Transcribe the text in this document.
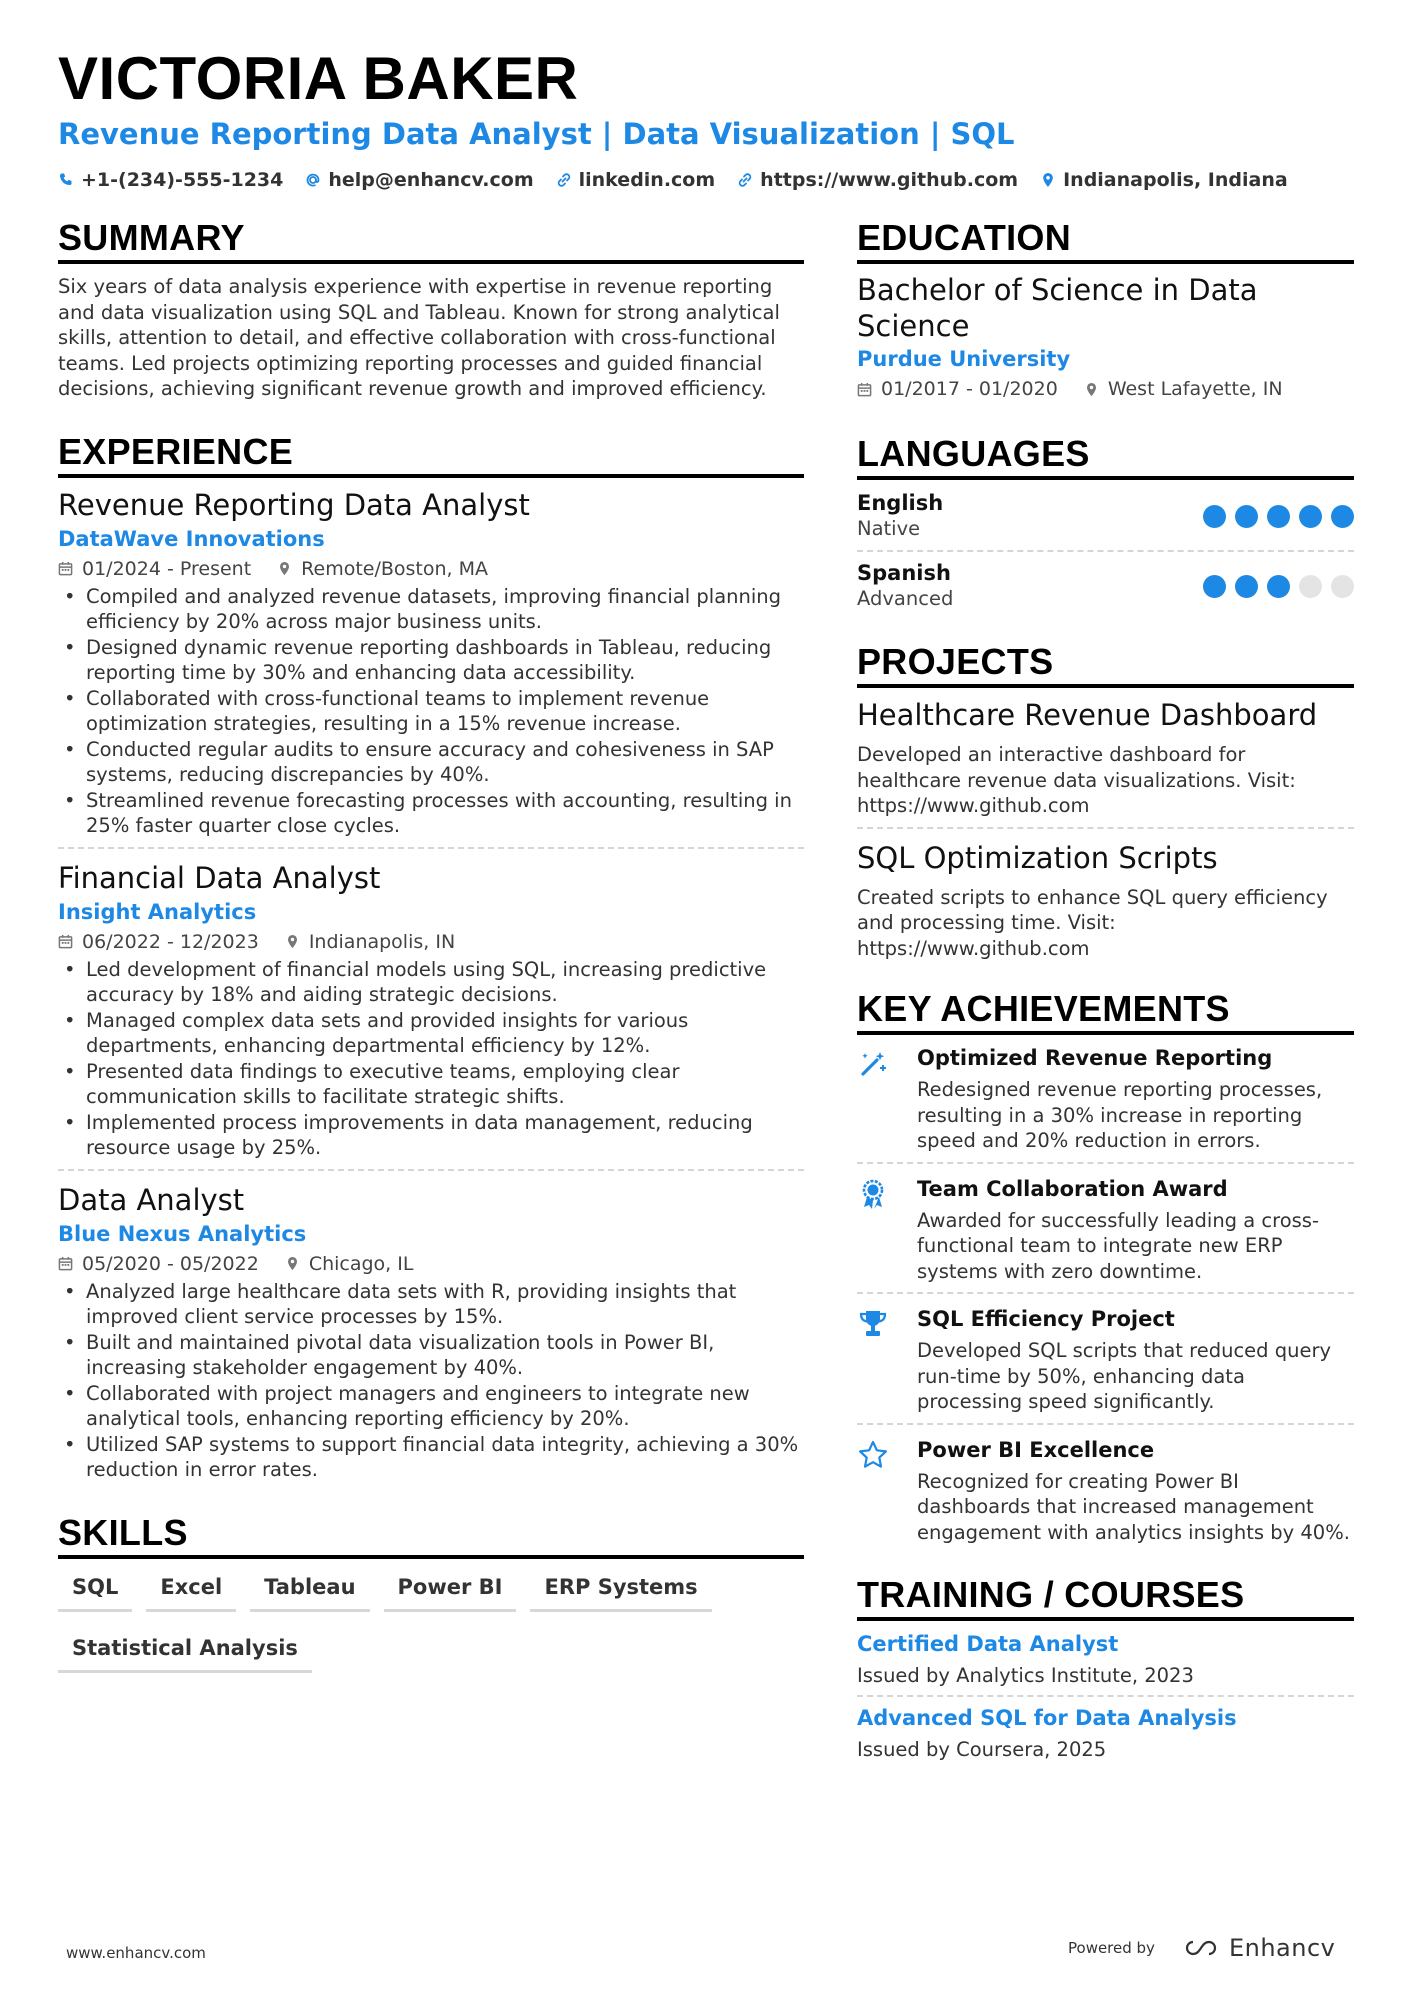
VICTORIA BAKER
Revenue Reporting Data Analyst | Data Visualization | SQL
+1-(234)-555-1234 help@enhancv.com linkedin.com https://www.github.com Indianapolis, Indiana
SUMMARY
Six years of data analysis experience with expertise in revenue reporting and data visualization using SQL and Tableau. Known for strong analytical skills, attention to detail, and effective collaboration with cross-functional teams. Led projects optimizing reporting processes and guided financial decisions, achieving significant revenue growth and improved efficiency.
EXPERIENCE
Revenue Reporting Data Analyst
DataWave Innovations
01/2024 - Present	Remote/Boston, MA
• Compiled and analyzed revenue datasets, improving financial planning efficiency by 20% across major business units.
• Designed dynamic revenue reporting dashboards in Tableau, reducing reporting time by 30% and enhancing data accessibility.
• Collaborated with cross-functional teams to implement revenue optimization strategies, resulting in a 15% revenue increase.
• Conducted regular audits to ensure accuracy and cohesiveness in SAP systems, reducing discrepancies by 40%.
• Streamlined revenue forecasting processes with accounting, resulting in 25% faster quarter close cycles.
Financial Data Analyst
Insight Analytics
06/2022 - 12/2023	Indianapolis, IN
• Led development of financial models using SQL, increasing predictive accuracy by 18% and aiding strategic decisions.
• Managed complex data sets and provided insights for various departments, enhancing departmental efficiency by 12%.
• Presented data findings to executive teams, employing clear communication skills to facilitate strategic shifts.
• Implemented process improvements in data management, reducing resource usage by 25%.
Data Analyst
Blue Nexus Analytics
05/2020 - 05/2022	Chicago, IL
• Analyzed large healthcare data sets with R, providing insights that improved client service processes by 15%.
• Built and maintained pivotal data visualization tools in Power BI, increasing stakeholder engagement by 40%.
• Collaborated with project managers and engineers to integrate new analytical tools, enhancing reporting efficiency by 20%.
• Utilized SAP systems to support financial data integrity, achieving a 30% reduction in error rates.
SKILLS
SQL	Excel	Tableau	Power BI	ERP Systems
Statistical Analysis
EDUCATION
Bachelor of Science in Data Science
Purdue University
01/2017 - 01/2020	West Lafayette, IN
LANGUAGES
English
Native
Spanish
Advanced
PROJECTS
Healthcare Revenue Dashboard
Developed an interactive dashboard for healthcare revenue data visualizations. Visit: https://www.github.com
SQL Optimization Scripts
Created scripts to enhance SQL query efficiency and processing time. Visit: https://www.github.com
KEY ACHIEVEMENTS
Optimized Revenue Reporting
Redesigned revenue reporting processes, resulting in a 30% increase in reporting speed and 20% reduction in errors.
Team Collaboration Award
Awarded for successfully leading a cross-functional team to integrate new ERP systems with zero downtime.
SQL Efficiency Project
Developed SQL scripts that reduced query run-time by 50%, enhancing data processing speed significantly.
Power BI Excellence
Recognized for creating Power BI dashboards that increased management engagement with analytics insights by 40%.
TRAINING / COURSES
Certified Data Analyst
Issued by Analytics Institute, 2023
Advanced SQL for Data Analysis
Issued by Coursera, 2025
www.enhancv.com	Powered by	Enhancv
